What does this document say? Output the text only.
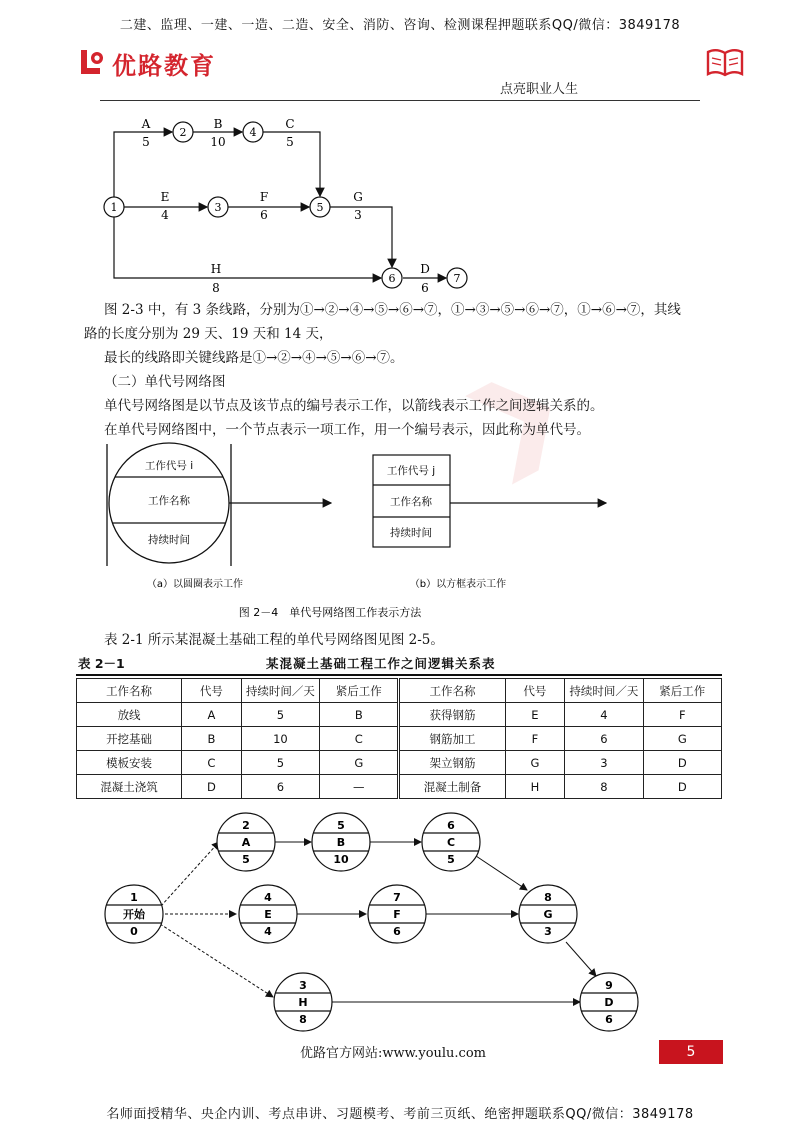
二建、监理、一建、一造、二造、安全、消防、咨询、检测课程押题联系QQ/微信：3849178
优路教育
点亮职业人生
1
2
3
4
5
6	7
A
5
B
10
C
5
E
4
F
6
G
3
H
8
D
6
图 2-3 中，有 3 条线路，分别为①→②→④→⑤→⑥→⑦，①→③→⑤→⑥→⑦，①→⑥→⑦，其线
路的长度分别为 29 天、19 天和 14 天，
最长的线路即关键线路是①→②→④→⑤→⑥→⑦。
（二）单代号网络图
单代号网络图是以节点及该节点的编号表示工作，以箭线表示工作之间逻辑关系的。
在单代号网络图中，一个节点表示一项工作，用一个编号表示，因此称为单代号。
工作代号 i
工作名称
持续时间
工作代号 j
工作名称
持续时间
（a）以圆圈表示工作	（b）以方框表示工作
图 2－4　单代号网络图工作表示方法
表 2-1 所示某混凝土基础工程的单代号网络图见图 2-5。
表 2－1	某混凝土基础工程工作之间逻辑关系表
工作名称	代号	持续时间／天	紧后工作	工作名称	代号	持续时间／天	紧后工作
放线	A	5	B	获得钢筋	E	4	F
开挖基础	B	10	C	钢筋加工	F	6	G
模板安装	C	5	G	架立钢筋	G	3	D
混凝土浇筑	D	6	—	混凝土制备	H	8	D
1
开始
0
2
A
5
5
B
10
6
C
5
4
E
4
7
F
6
8
G
3
3
H
8
9
D
6
优路官方网站:www.youlu.com	5
名师面授精华、央企内训、考点串讲、习题模考、考前三页纸、绝密押题联系QQ/微信：3849178
